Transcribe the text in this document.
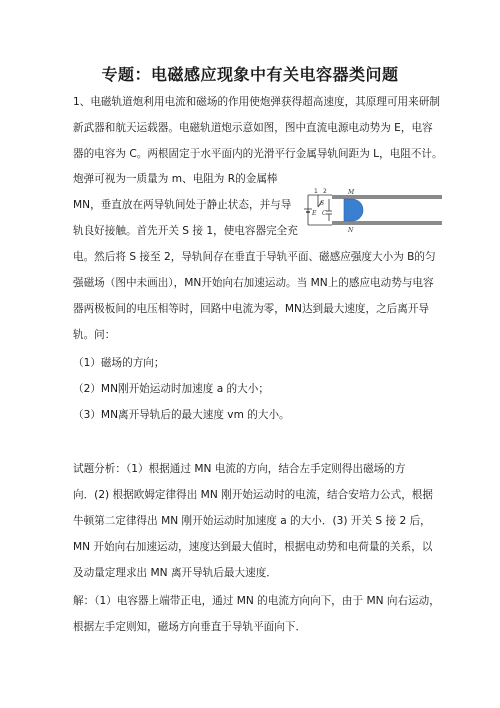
专题：电磁感应现象中有关电容器类问题
1、电磁轨道炮利用电流和磁场的作用使炮弹获得超高速度，其原理可用来研制
新武器和航天运载器。电磁轨道炮示意如图，图中直流电源电动势为 E，电容
器的电容为 C。两根固定于水平面内的光滑平行金属导轨间距为 L，电阻不计。
炮弹可视为一质量为 m、电阻为 R的金属棒
MN，垂直放在两导轨间处于静止状态，并与导
轨良好接触。首先开关 S 接 1，使电容器完全充
电。然后将 S 接至 2，导轨间存在垂直于导轨平面、磁感应强度大小为 B的匀
强磁场（图中未画出），MN开始向右加速运动。当 MN上的感应电动势与电容
器两极板间的电压相等时，回路中电流为零，MN达到最大速度，之后离开导
轨。问：
（1）磁场的方向；
（2）MN刚开始运动时加速度 a 的大小；
（3）MN离开导轨后的最大速度 vm 的大小。
1 2
S
E C
M
N
试题分析：（1）根据通过 MN 电流的方向，结合左手定则得出磁场的方
向．(2) 根据欧姆定律得出 MN 刚开始运动时的电流，结合安培力公式，根据
牛顿第二定律得出 MN 刚开始运动时加速度 a 的大小．(3) 开关 S 接 2 后，
MN 开始向右加速运动，速度达到最大值时，根据电动势和电荷量的关系，以
及动量定理求出 MN 离开导轨后最大速度．
解：（1）电容器上端带正电，通过 MN 的电流方向向下，由于 MN 向右运动，
根据左手定则知，磁场方向垂直于导轨平面向下．
